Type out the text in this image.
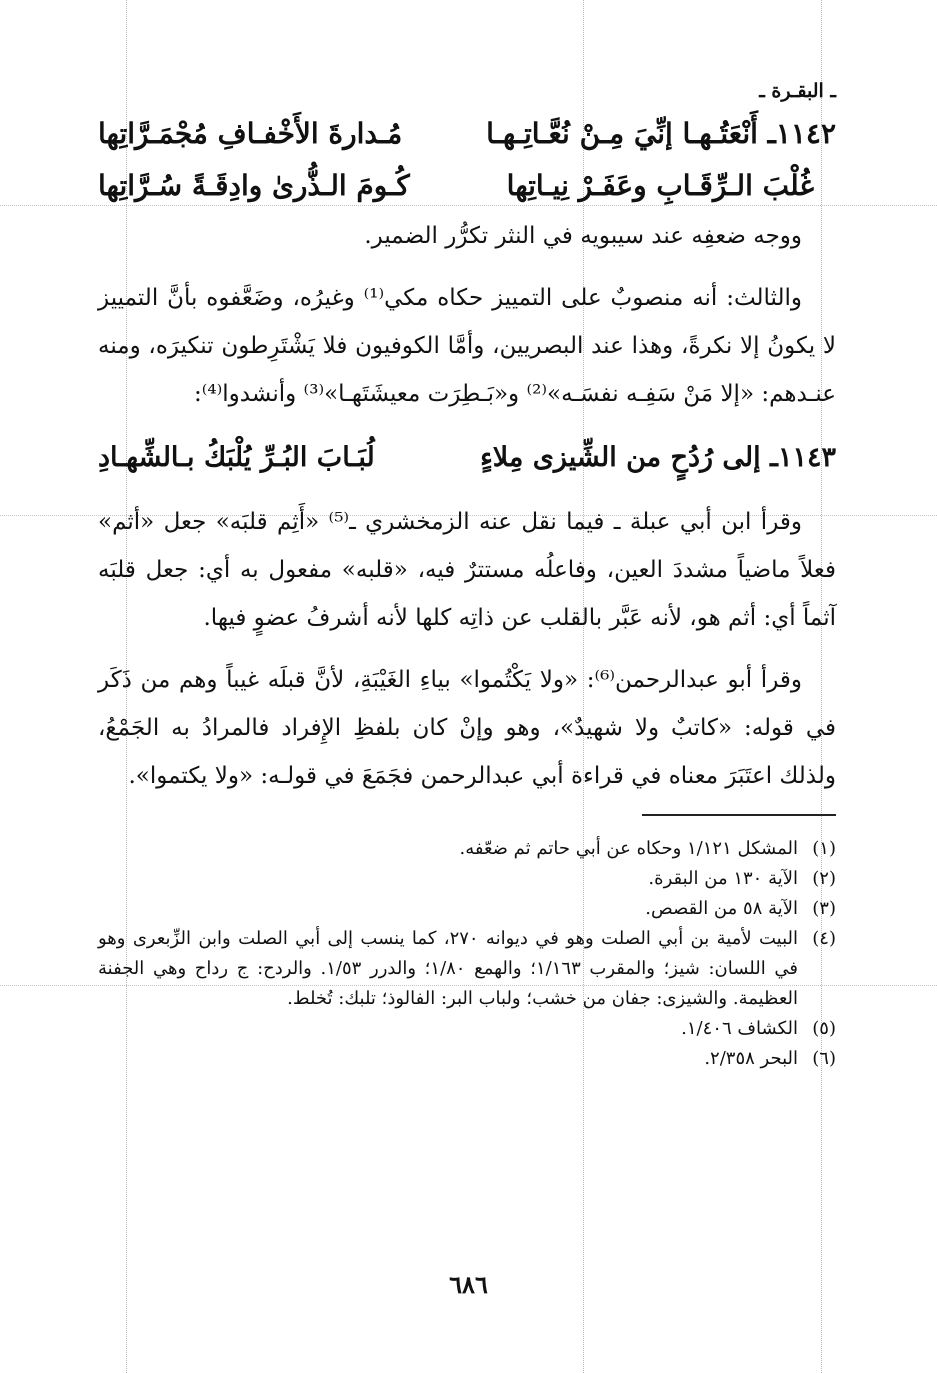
ـ البقـرة ـ
١١٤٢ـ أَنْعَتُـهـا إنِّيَ مِـنْ نُعَّـاتِـهـا
مُـدارةَ الأَخْفـافِ مُجْمَـرَّاتِها
غُلْبَ الـرِّقَـابِ وعَفَـرْ نِيـاتِها
كُـومَ الـذُّرىٰ وادِقَـةً سُـرَّاتِها

ووجه ضعفِه عند سيبويه في النثر تكرُّر الضمير.

والثالث: أنه منصوبٌ على التمييز حكاه مكي⁽¹⁾ وغيرُه، وضَعَّفوه بأنَّ التمييز لا يكونُ إلا نكرةً، وهذا عند البصريين، وأمَّا الكوفيون فلا يَشْتَرِطون تنكيرَه، ومنه عنـدهم: «إلا مَنْ سَفِـه نفسَـه»⁽²⁾ و«بَـطِرَت معيشَتَهـا»⁽³⁾ وأنشدوا⁽⁴⁾:

١١٤٣ـ إلى رُدُحٍ من الشِّيزى مِلاءٍ
لُبَـابَ البُـرِّ يُلْبَكُ بـالشِّهـادِ

وقرأ ابن أبي عبلة ـ فيما نقل عنه الزمخشري ـ⁽⁵⁾ «أَثِم قلبَه» جعل «أثم» فعلاً ماضياً مشددَ العين، وفاعلُه مستترٌ فيه، «قلبه» مفعول به أي: جعل قلبَه آثماً أي: أثم هو، لأنه عَبَّر بالقلب عن ذاتِه كلها لأنه أشرفُ عضوٍ فيها.

وقرأ أبو عبدالرحمن⁽⁶⁾: «ولا يَكْتُموا» بياءِ الغَيْبَةِ، لأنَّ قبلَه غيباً وهم من ذَكَر في قوله: «كاتبٌ ولا شهيدٌ»، وهو وإنْ كان بلفظِ الإِفراد فالمرادُ به الجَمْعُ، ولذلك اعتَبَرَ معناه في قراءة أبي عبدالرحمن فجَمَعَ في قولـه: «ولا يكتموا».

(١)
المشكل ١/١٢١ وحكاه عن أبي حاتم ثم ضعّفه.
(٢)
الآية ١٣٠ من البقرة.
(٣)
الآية ٥٨ من القصص.
(٤)
البيت لأمية بن أبي الصلت وهو في ديوانه ٢٧٠، كما ينسب إلى أبي الصلت وابن الزِّبعرى وهو في اللسان: شيز؛ والمقرب ١/١٦٣؛ والهمع ١/٨٠؛ والدرر ١/٥٣. والردح: ج رداح وهي الجفنة العظيمة. والشيزى: جفان من خشب؛ ولباب البر: الفالوذ؛ تلبك: تُخلط.
(٥)
الكشاف ١/٤٠٦.
(٦)
البحر ٢/٣٥٨.
٦٨٦
